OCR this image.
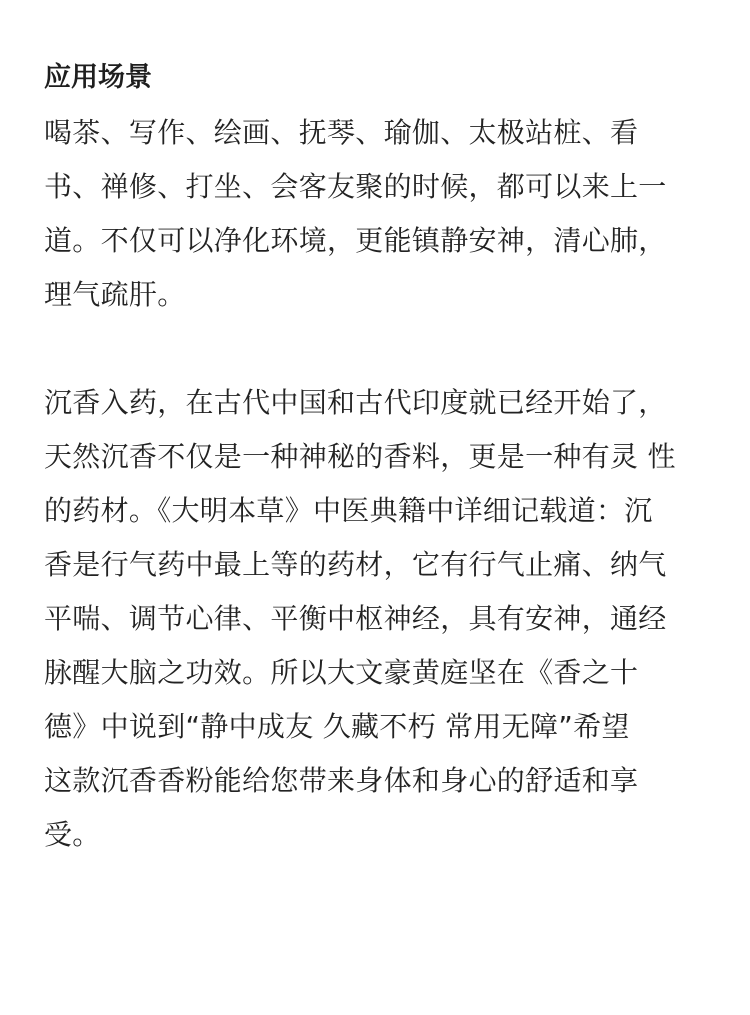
应用场景

喝茶、写作、绘画、抚琴、瑜伽、太极站桩、看

书、禅修、打坐、会客友聚的时候，都可以来上一

道。不仅可以净化环境，更能镇静安神，清心肺，

理气疏肝。

沉香入药，在古代中国和古代印度就已经开始了，

天然沉香不仅是一种神秘的香料，更是一种有灵 性

的药材。《大明本草》中医典籍中详细记载道：沉

香是行气药中最上等的药材，它有行气止痛、纳气

平喘、调节心律、平衡中枢神经，具有安神，通经

脉醒大脑之功效。所以大文豪黄庭坚在《香之十

德》中说到“静中成友 久藏不朽 常用无障”希望

这款沉香香粉能给您带来身体和身心的舒适和享

受。
